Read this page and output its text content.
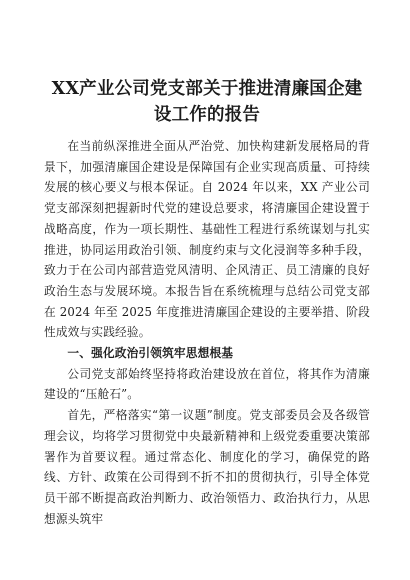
XX产业公司党支部关于推进清廉国企建设工作的报告

在当前纵深推进全面从严治党、加快构建新发展格局的背景下，加强清廉国企建设是保障国有企业实现高质量、可持续发展的核心要义与根本保证。自 2024 年以来，XX 产业公司党支部深刻把握新时代党的建设总要求，将清廉国企建设置于战略高度，作为一项长期性、基础性工程进行系统谋划与扎实推进，协同运用政治引领、制度约束与文化浸润等多种手段，致力于在公司内部营造党风清明、企风清正、员工清廉的良好政治生态与发展环境。本报告旨在系统梳理与总结公司党支部在 2024 年至 2025 年度推进清廉国企建设的主要举措、阶段性成效与实践经验。

一、强化政治引领筑牢思想根基

公司党支部始终坚持将政治建设放在首位，将其作为清廉建设的“压舱石”。

首先，严格落实“第一议题”制度。党支部委员会及各级管理会议，均将学习贯彻党中央最新精神和上级党委重要决策部署作为首要议程。通过常态化、制度化的学习，确保党的路线、方针、政策在公司得到不折不扣的贯彻执行，引导全体党员干部不断提高政治判断力、政治领悟力、政治执行力，从思想源头筑牢
